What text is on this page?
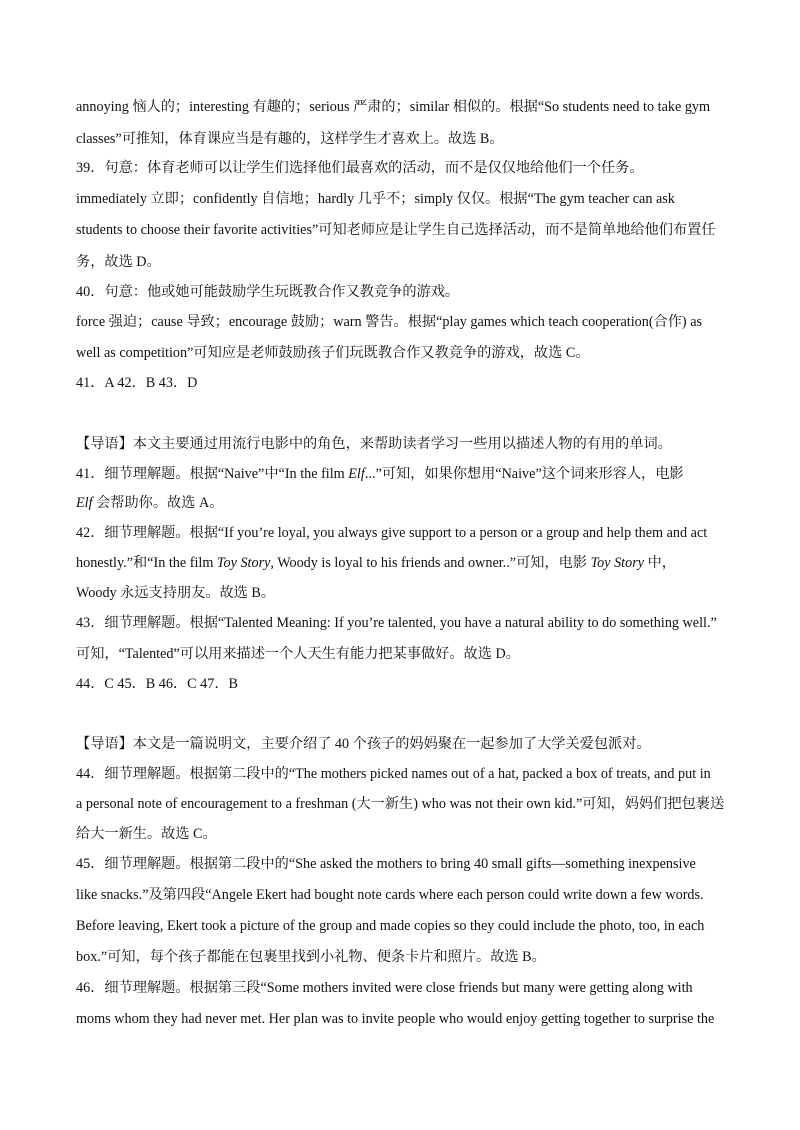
annoying 恼人的；interesting 有趣的；serious 严肃的；similar 相似的。根据“So students need to take gym
classes”可推知，体育课应当是有趣的，这样学生才喜欢上。故选 B。
39．句意：体育老师可以让学生们选择他们最喜欢的活动，而不是仅仅地给他们一个任务。
immediately 立即；confidently 自信地；hardly 几乎不；simply 仅仅。根据“The gym teacher can ask
students to choose their favorite activities”可知老师应是让学生自己选择活动，而不是简单地给他们布置任
务，故选 D。
40．句意：他或她可能鼓励学生玩既教合作又教竞争的游戏。
force 强迫；cause 导致；encourage 鼓励；warn 警告。根据“play games which teach cooperation(合作) as
well as competition”可知应是老师鼓励孩子们玩既教合作又教竞争的游戏，故选 C。
41．A 42．B 43．D
【导语】本文主要通过用流行电影中的角色，来帮助读者学习一些用以描述人物的有用的单词。
41．细节理解题。根据“Naive”中“In the film Elf...”可知，如果你想用“Naive”这个词来形容人，电影
Elf 会帮助你。故选 A。
42．细节理解题。根据“If you’re loyal, you always give support to a person or a group and help them and act
honestly.”和“In the film Toy Story, Woody is loyal to his friends and owner..”可知，电影 Toy Story 中，
Woody 永远支持朋友。故选 B。
43．细节理解题。根据“Talented Meaning: If you’re talented, you have a natural ability to do something well.”
可知，“Talented”可以用来描述一个人天生有能力把某事做好。故选 D。
44．C 45．B 46．C 47．B
【导语】本文是一篇说明文，主要介绍了 40 个孩子的妈妈聚在一起参加了大学关爱包派对。
44．细节理解题。根据第二段中的“The mothers picked names out of a hat, packed a box of treats, and put in
a personal note of encouragement to a freshman (大一新生) who was not their own kid.”可知，妈妈们把包裹送
给大一新生。故选 C。
45．细节理解题。根据第二段中的“She asked the mothers to bring 40 small gifts—something inexpensive
like snacks.”及第四段“Angele Ekert had bought note cards where each person could write down a few words.
Before leaving, Ekert took a picture of the group and made copies so they could include the photo, too, in each
box.”可知，每个孩子都能在包裹里找到小礼物、便条卡片和照片。故选 B。
46．细节理解题。根据第三段“Some mothers invited were close friends but many were getting along with
moms whom they had never met. Her plan was to invite people who would enjoy getting together to surprise the
